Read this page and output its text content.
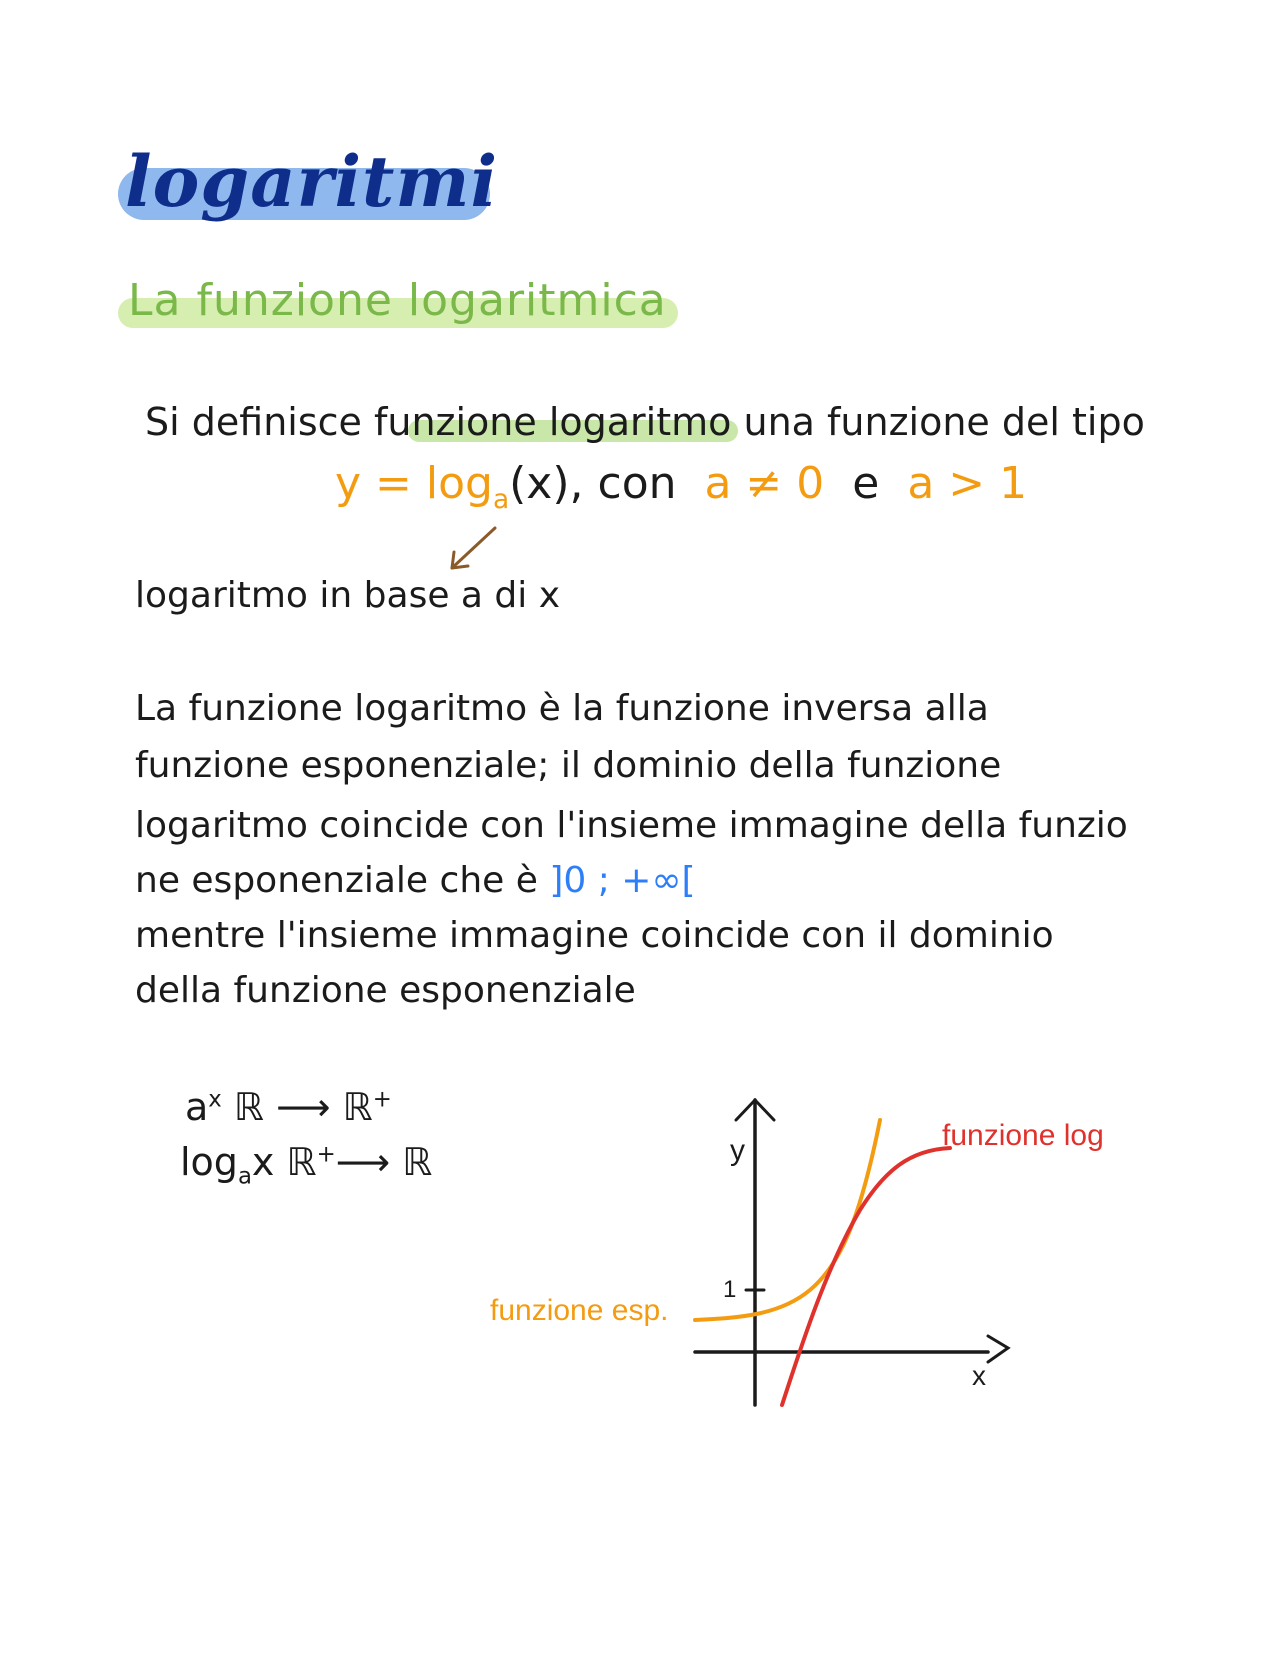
logaritmi
La funzione logaritmica
Si definisce funzione logaritmo una funzione del tipo
$y = \log_a(x)$, con a ≠ 0 e a > 1
logaritmo in base a di x
La funzione logaritmo è la funzione inversa alla
funzione esponenziale; il dominio della funzione
logaritmo coincide con l'insieme immagine della funzio
ne esponenziale che è ]0 ; +∞[
mentre l'insieme immagine coincide con il dominio
della funzione esponenziale
$a^x$ ℝ ⟶ ℝ+
$\log_ax$ ℝ+⟶ ℝ
1
y
x
funzione esp.
funzione log
